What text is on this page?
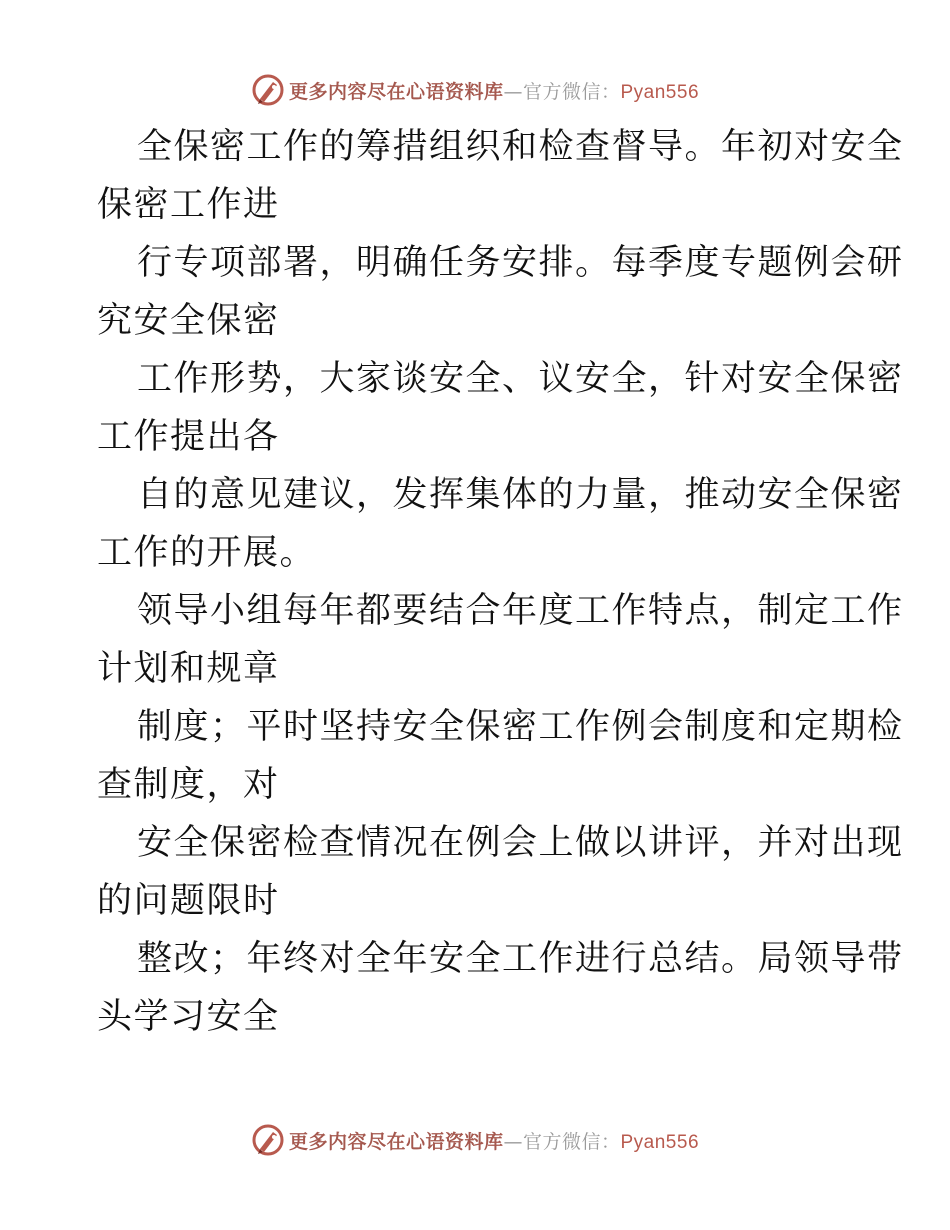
更多内容尽在心语资料库—官方微信：Pyan556
全保密工作的筹措组织和检查督导。年初对安全
保密工作进
行专项部署，明确任务安排。每季度专题例会研
究安全保密
工作形势，大家谈安全、议安全，针对安全保密
工作提出各
自的意见建议，发挥集体的力量，推动安全保密
工作的开展。
领导小组每年都要结合年度工作特点，制定工作
计划和规章
制度；平时坚持安全保密工作例会制度和定期检
查制度，对
安全保密检查情况在例会上做以讲评，并对出现
的问题限时
整改；年终对全年安全工作进行总结。局领导带
头学习安全
更多内容尽在心语资料库—官方微信：Pyan556
